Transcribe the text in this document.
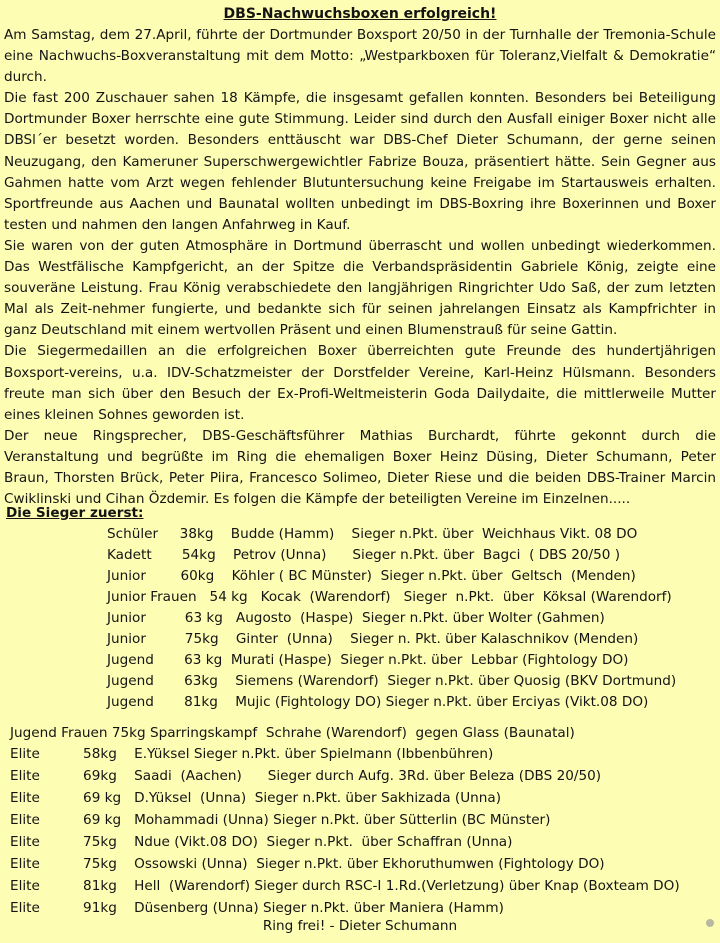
DBS-Nachwuchsboxen erfolgreich!

Am Samstag, dem 27.April, führte der Dortmunder Boxsport 20/50 in der Turnhalle der Tremonia-Schule eine Nachwuchs-Boxveranstaltung mit dem Motto: „Westparkboxen für Toleranz,Vielfalt & Demokratie“ durch.

Die fast 200 Zuschauer sahen 18 Kämpfe, die insgesamt gefallen konnten. Besonders bei Beteiligung Dortmunder Boxer herrschte eine gute Stimmung. Leider sind durch den Ausfall einiger Boxer nicht alle DBSl´er besetzt worden. Besonders enttäuscht war DBS-Chef Dieter Schumann, der gerne seinen Neuzugang, den Kameruner Superschwergewichtler Fabrize Bouza, präsentiert hätte. Sein Gegner aus Gahmen hatte vom Arzt wegen fehlender Blutuntersuchung keine Freigabe im Startausweis erhalten. Sportfreunde aus Aachen und Baunatal wollten unbedingt im DBS-Boxring ihre Boxerinnen und Boxer testen und nahmen den langen Anfahrweg in Kauf.

Sie waren von der guten Atmosphäre in Dortmund überrascht und wollen unbedingt wiederkommen. Das Westfälische Kampfgericht, an der Spitze die Verbandspräsidentin Gabriele König, zeigte eine souveräne Leistung. Frau König verabschiedete den langjährigen Ringrichter Udo Saß, der zum letzten Mal als Zeit-nehmer fungierte, und bedankte sich für seinen jahrelangen Einsatz als Kampfrichter in ganz Deutschland mit einem wertvollen Präsent und einen Blumenstrauß für seine Gattin.

Die Siegermedaillen an die erfolgreichen Boxer überreichten gute Freunde des hundertjährigen Boxsport-vereins, u.a. IDV-Schatzmeister der Dorstfelder Vereine, Karl-Heinz Hülsmann. Besonders freute man sich über den Besuch der Ex-Profi-Weltmeisterin Goda Dailydaite, die mittlerweile Mutter eines kleinen Sohnes geworden ist.

Der neue Ringsprecher, DBS-Geschäftsführer Mathias Burchardt, führte gekonnt durch die Veranstaltung und begrüßte im Ring die ehemaligen Boxer Heinz Düsing, Dieter Schumann, Peter Braun, Thorsten Brück, Peter Piira, Francesco Solimeo, Dieter Riese und die beiden DBS-Trainer Marcin Cwiklinski und Cihan Özdemir. Es folgen die Kämpfe der beteiligten Vereine im Einzelnen.....

Die Sieger zuerst:
Schüler     38kg    Budde (Hamm)    Sieger n.Pkt. über  Weichhaus Vikt. 08 DO
Kadett       54kg    Petrov (Unna)      Sieger n.Pkt. über  Bagci  ( DBS 20/50 )
Junior        60kg    Köhler ( BC Münster)  Sieger n.Pkt. über  Geltsch  (Menden)
Junior Frauen   54 kg   Kocak  (Warendorf)   Sieger  n.Pkt.  über  Köksal (Warendorf)
Junior         63 kg   Augosto  (Haspe)  Sieger n.Pkt. über Wolter (Gahmen)
Junior         75kg    Ginter  (Unna)    Sieger n. Pkt. über Kalaschnikov (Menden)
Jugend       63 kg  Murati (Haspe)  Sieger n.Pkt. über  Lebbar (Fightology DO)
Jugend       63kg    Siemens (Warendorf)  Sieger n.Pkt. über Quosig (BKV Dortmund)
Jugend       81kg    Mujic (Fightology DO) Sieger n.Pkt. über Erciyas (Vikt.08 DO)
Jugend Frauen 75kg Sparringskampf  Schrahe (Warendorf)  gegen Glass (Baunatal)
Elite          58kg    E.Yüksel Sieger n.Pkt. über Spielmann (Ibbenbühren)
Elite          69kg    Saadi  (Aachen)      Sieger durch Aufg. 3Rd. über Beleza (DBS 20/50)
Elite          69 kg   D.Yüksel  (Unna)  Sieger n.Pkt. über Sakhizada (Unna)
Elite          69 kg   Mohammadi (Unna) Sieger n.Pkt. über Sütterlin (BC Münster)
Elite          75kg    Ndue (Vikt.08 DO)  Sieger n.Pkt.  über Schaffran (Unna)
Elite          75kg    Ossowski (Unna)  Sieger n.Pkt. über Ekhoruthumwen (Fightology DO)
Elite          81kg    Hell  (Warendorf) Sieger durch RSC-I 1.Rd.(Verletzung) über Knap (Boxteam DO)
Elite          91kg    Düsenberg (Unna) Sieger n.Pkt. über Maniera (Hamm)
Ring frei! - Dieter Schumann
